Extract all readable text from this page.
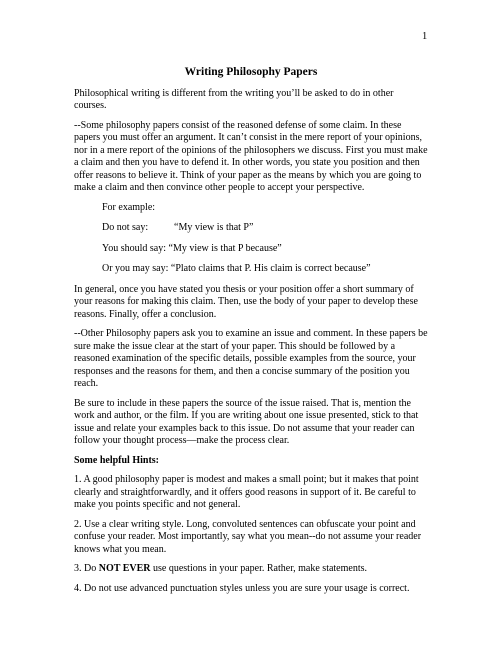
1
Writing Philosophy Papers

Philosophical writing is different from the writing you’ll be asked to do in other courses.

--Some philosophy papers consist of the reasoned defense of some claim. In these papers you must offer an argument. It can’t consist in the mere report of your opinions, nor in a mere report of the opinions of the philosophers we discuss. First you must make a claim and then you have to defend it. In other words, you state you position and then offer reasons to believe it. Think of your paper as the means by which you are going to make a claim and then convince other people to accept your perspective.

For example:

Do not say:	“My view is that P”

You should say: “My view is that P because”

Or you may say: “Plato claims that P. His claim is correct because”

In general, once you have stated you thesis or your position offer a short summary of your reasons for making this claim. Then, use the body of your paper to develop these reasons. Finally, offer a conclusion.

--Other Philosophy papers ask you to examine an issue and comment. In these papers be sure make the issue clear at the start of your paper. This should be followed by a reasoned examination of the specific details, possible examples from the source, your responses and the reasons for them, and then a concise summary of the position you reach.

Be sure to include in these papers the source of the issue raised. That is, mention the work and author, or the film. If you are writing about one issue presented, stick to that issue and relate your examples back to this issue. Do not assume that your reader can follow your thought process—make the process clear.

Some helpful Hints:

1. A good philosophy paper is modest and makes a small point; but it makes that point clearly and straightforwardly, and it offers good reasons in support of it. Be careful to make you points specific and not general.

2. Use a clear writing style. Long, convoluted sentences can obfuscate your point and confuse your reader. Most importantly, say what you mean--do not assume your reader knows what you mean.

3. Do NOT EVER use questions in your paper. Rather, make statements.

4. Do not use advanced punctuation styles unless you are sure your usage is correct.
